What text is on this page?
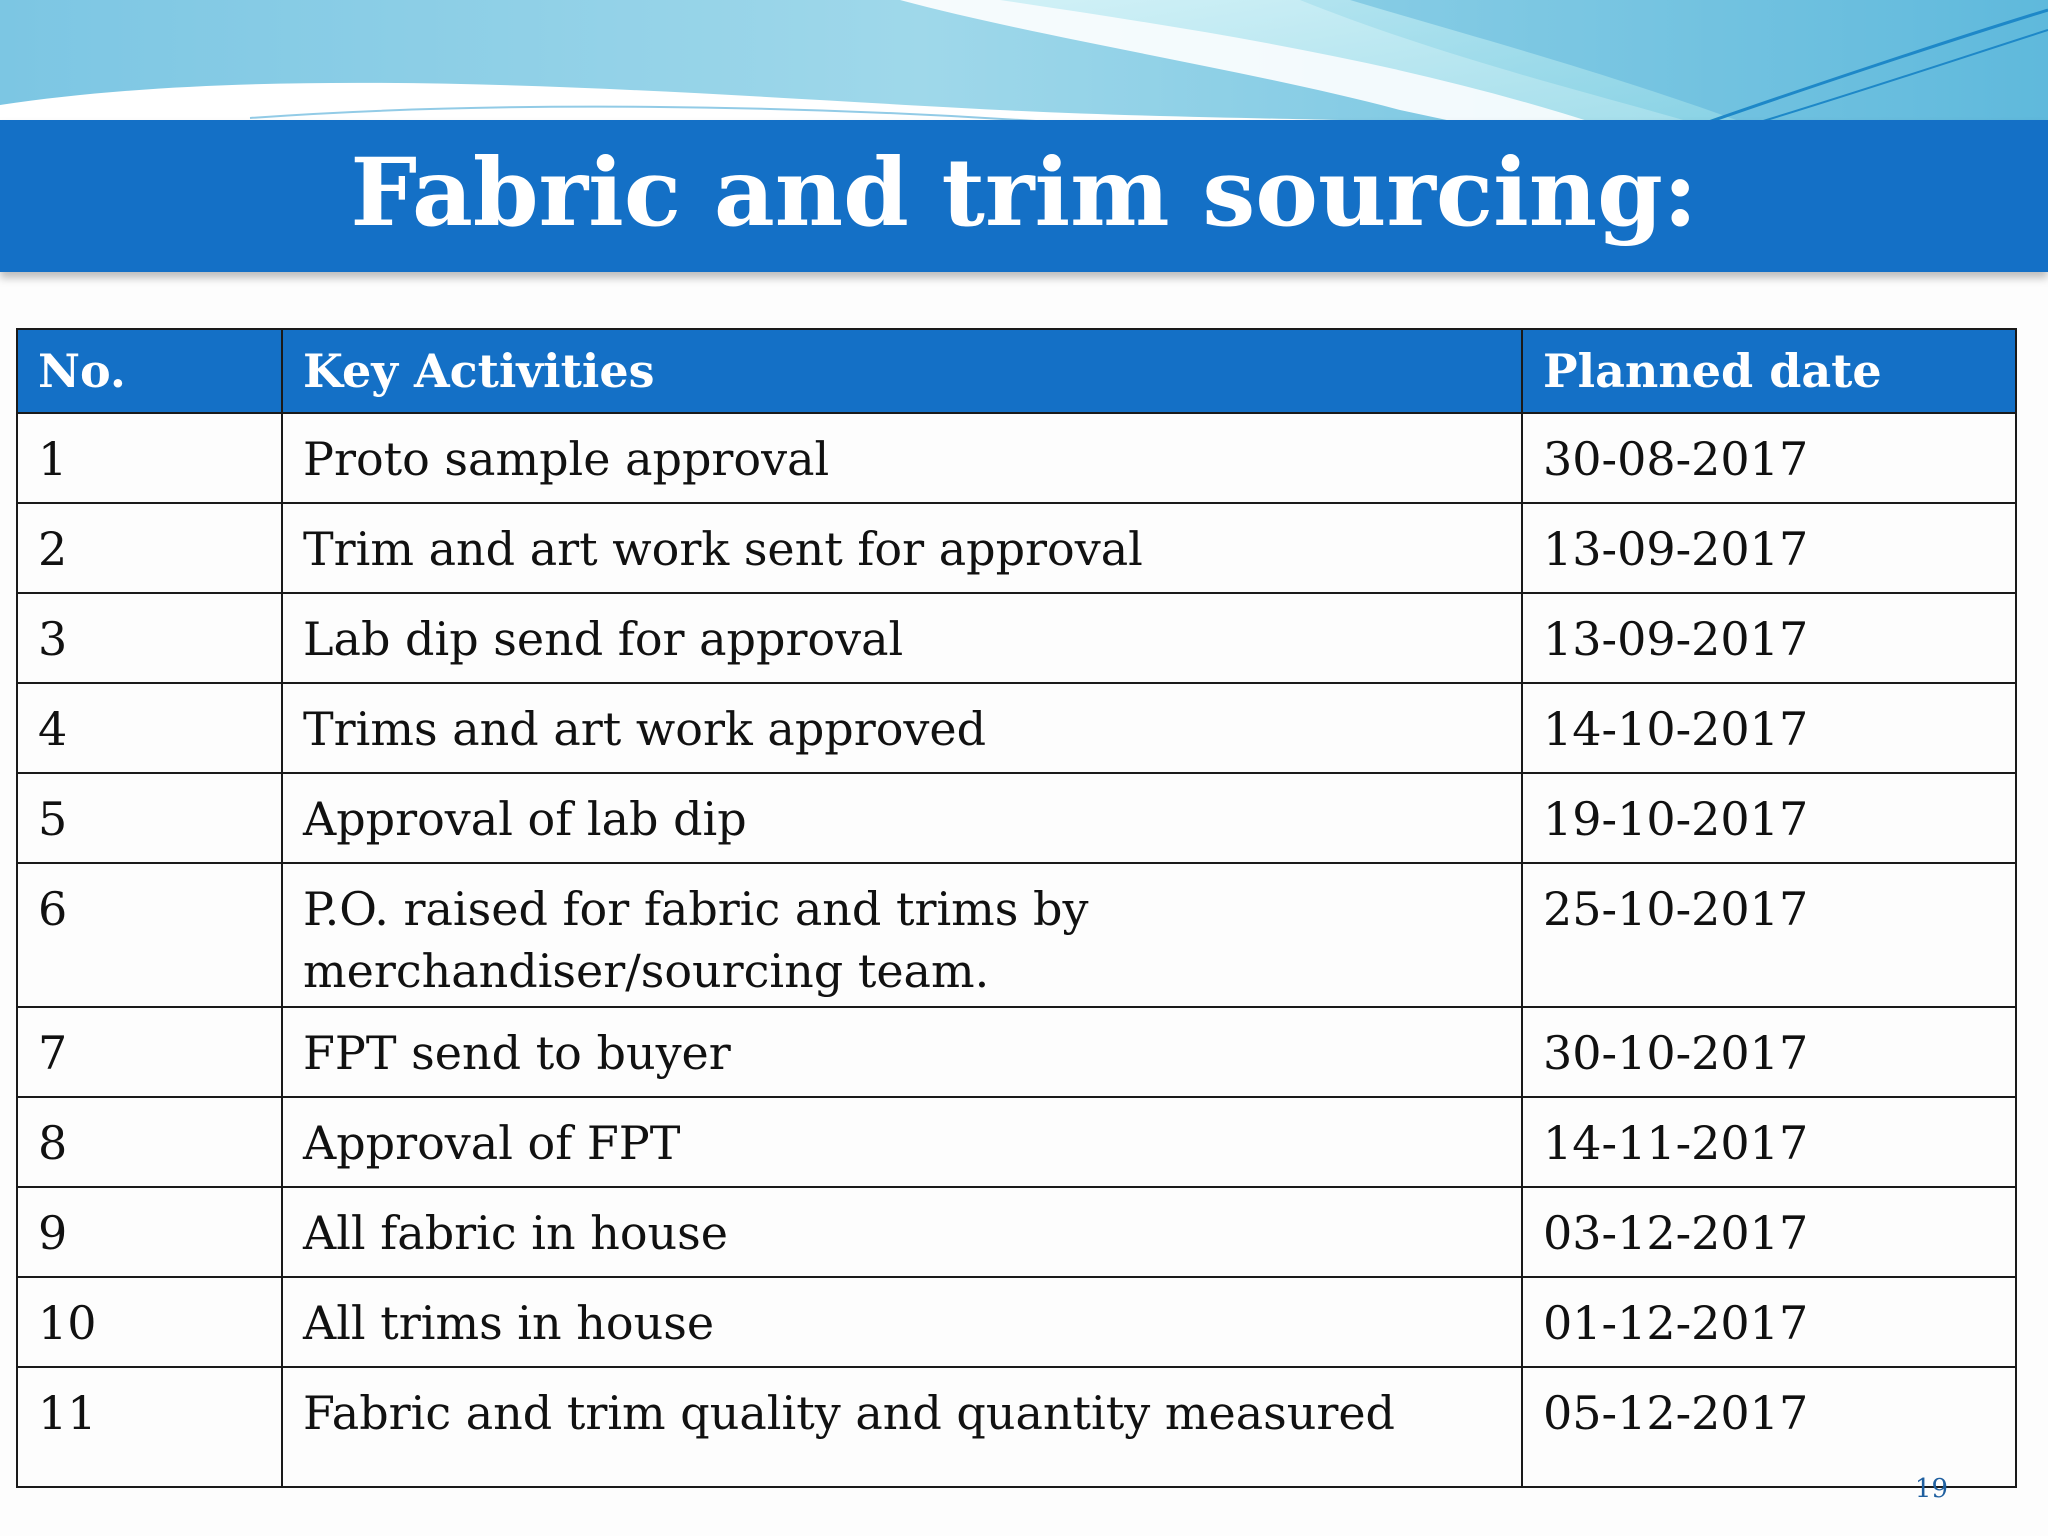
Fabric and trim sourcing:
No.	Key Activities	Planned date
1	Proto sample approval	30-08-2017
2	Trim and art work sent for approval	13-09-2017
3	Lab dip send for approval	13-09-2017
4	Trims and art work approved	14-10-2017
5	Approval of lab dip	19-10-2017
6	P.O. raised for fabric and trims by merchandiser/sourcing team.	25-10-2017
7	FPT send to buyer	30-10-2017
8	Approval of FPT	14-11-2017
9	All fabric in house	03-12-2017
10	All trims in house	01-12-2017
11	Fabric and trim quality and quantity measured	05-12-2017
19
